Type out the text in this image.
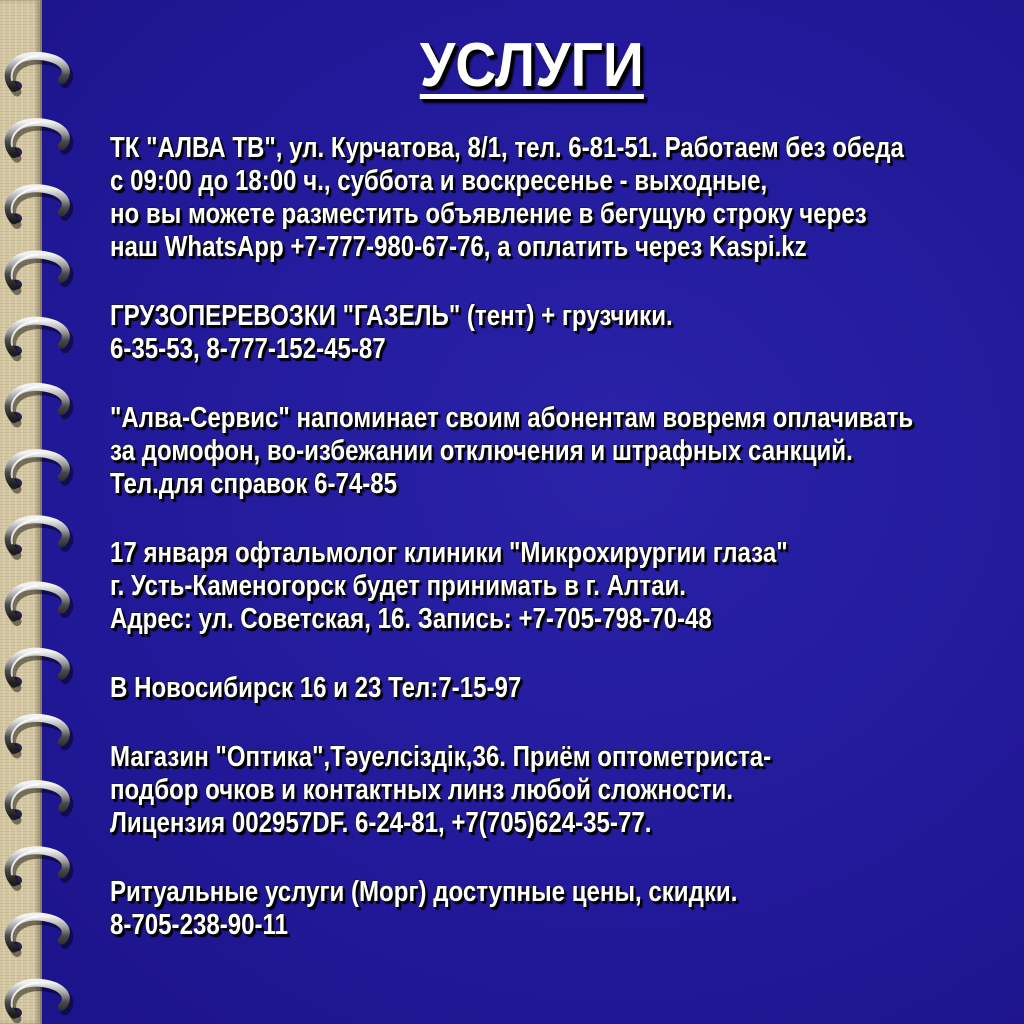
УСЛУГИ
ТК "АЛВА ТВ", ул. Курчатова, 8/1, тел. 6-81-51. Работаем без обеда
с 09:00 до 18:00 ч., суббота и воскресенье - выходные,
но вы можете разместить объявление в бегущую строку через
наш WhatsApp +7-777-980-67-76, а оплатить через Kaspi.kz
ГРУЗОПЕРЕВОЗКИ "ГАЗЕЛЬ" (тент) + грузчики.
6-35-53, 8-777-152-45-87
"Алва-Сервис" напоминает своим абонентам вовремя оплачивать
за домофон, во-избежании отключения и штрафных санкций.
Тел.для справок 6-74-85
17 января офтальмолог клиники "Микрохирургии глаза"
г. Усть-Каменогорск будет принимать в г. Алтаи.
Адрес: ул. Советская, 16. Запись: +7-705-798-70-48
В Новосибирск 16 и 23 Тел:7-15-97
Магазин "Оптика",Тәуелсіздік,36. Приём оптометриста-
подбор очков и контактных линз любой сложности.
Лицензия 002957DF. 6-24-81, +7(705)624-35-77.
Ритуальные услуги (Морг) доступные цены, скидки.
8-705-238-90-11
